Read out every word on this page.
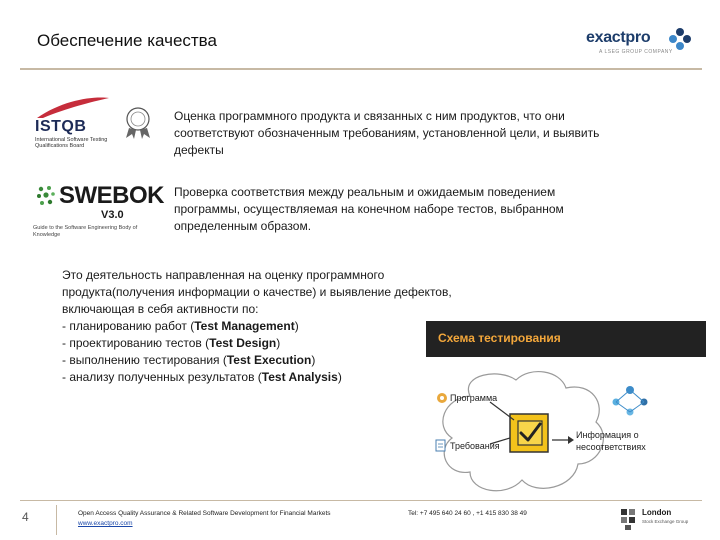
Обеспечение качества	exactpro
A LSEG GROUP COMPANY
ISTQB
International Software Testing Qualifications Board
SWEBOK
V3.0
Guide to the Software Engineering Body of Knowledge
Оценка программного продукта и связанных с ним продуктов, что они соответствуют обозначенным требованиям, установленной цели, и выявить дефекты
Проверка соответствия между реальным и ожидаемым поведением программы, осуществляемая на конечном наборе тестов, выбранном определенным образом.
Это деятельность направленная на оценку программного
продукта(получения информации о качестве) и выявление дефектов,
включающая в себя активности по:
- планированию работ (Test Management)
- проектированию тестов (Test Design)
- выполнению тестирования (Test Execution)
- анализу полученных результатов (Test Analysis)
Схема тестирования
Программа
Требования
Информация о
несоответствиях
4	Open Access Quality Assurance & Related Software Development for Financial Markets
www.exactpro.com
Tel: +7 495 640 24 60 , +1 415 830 38 49	London
Stock Exchange Group
